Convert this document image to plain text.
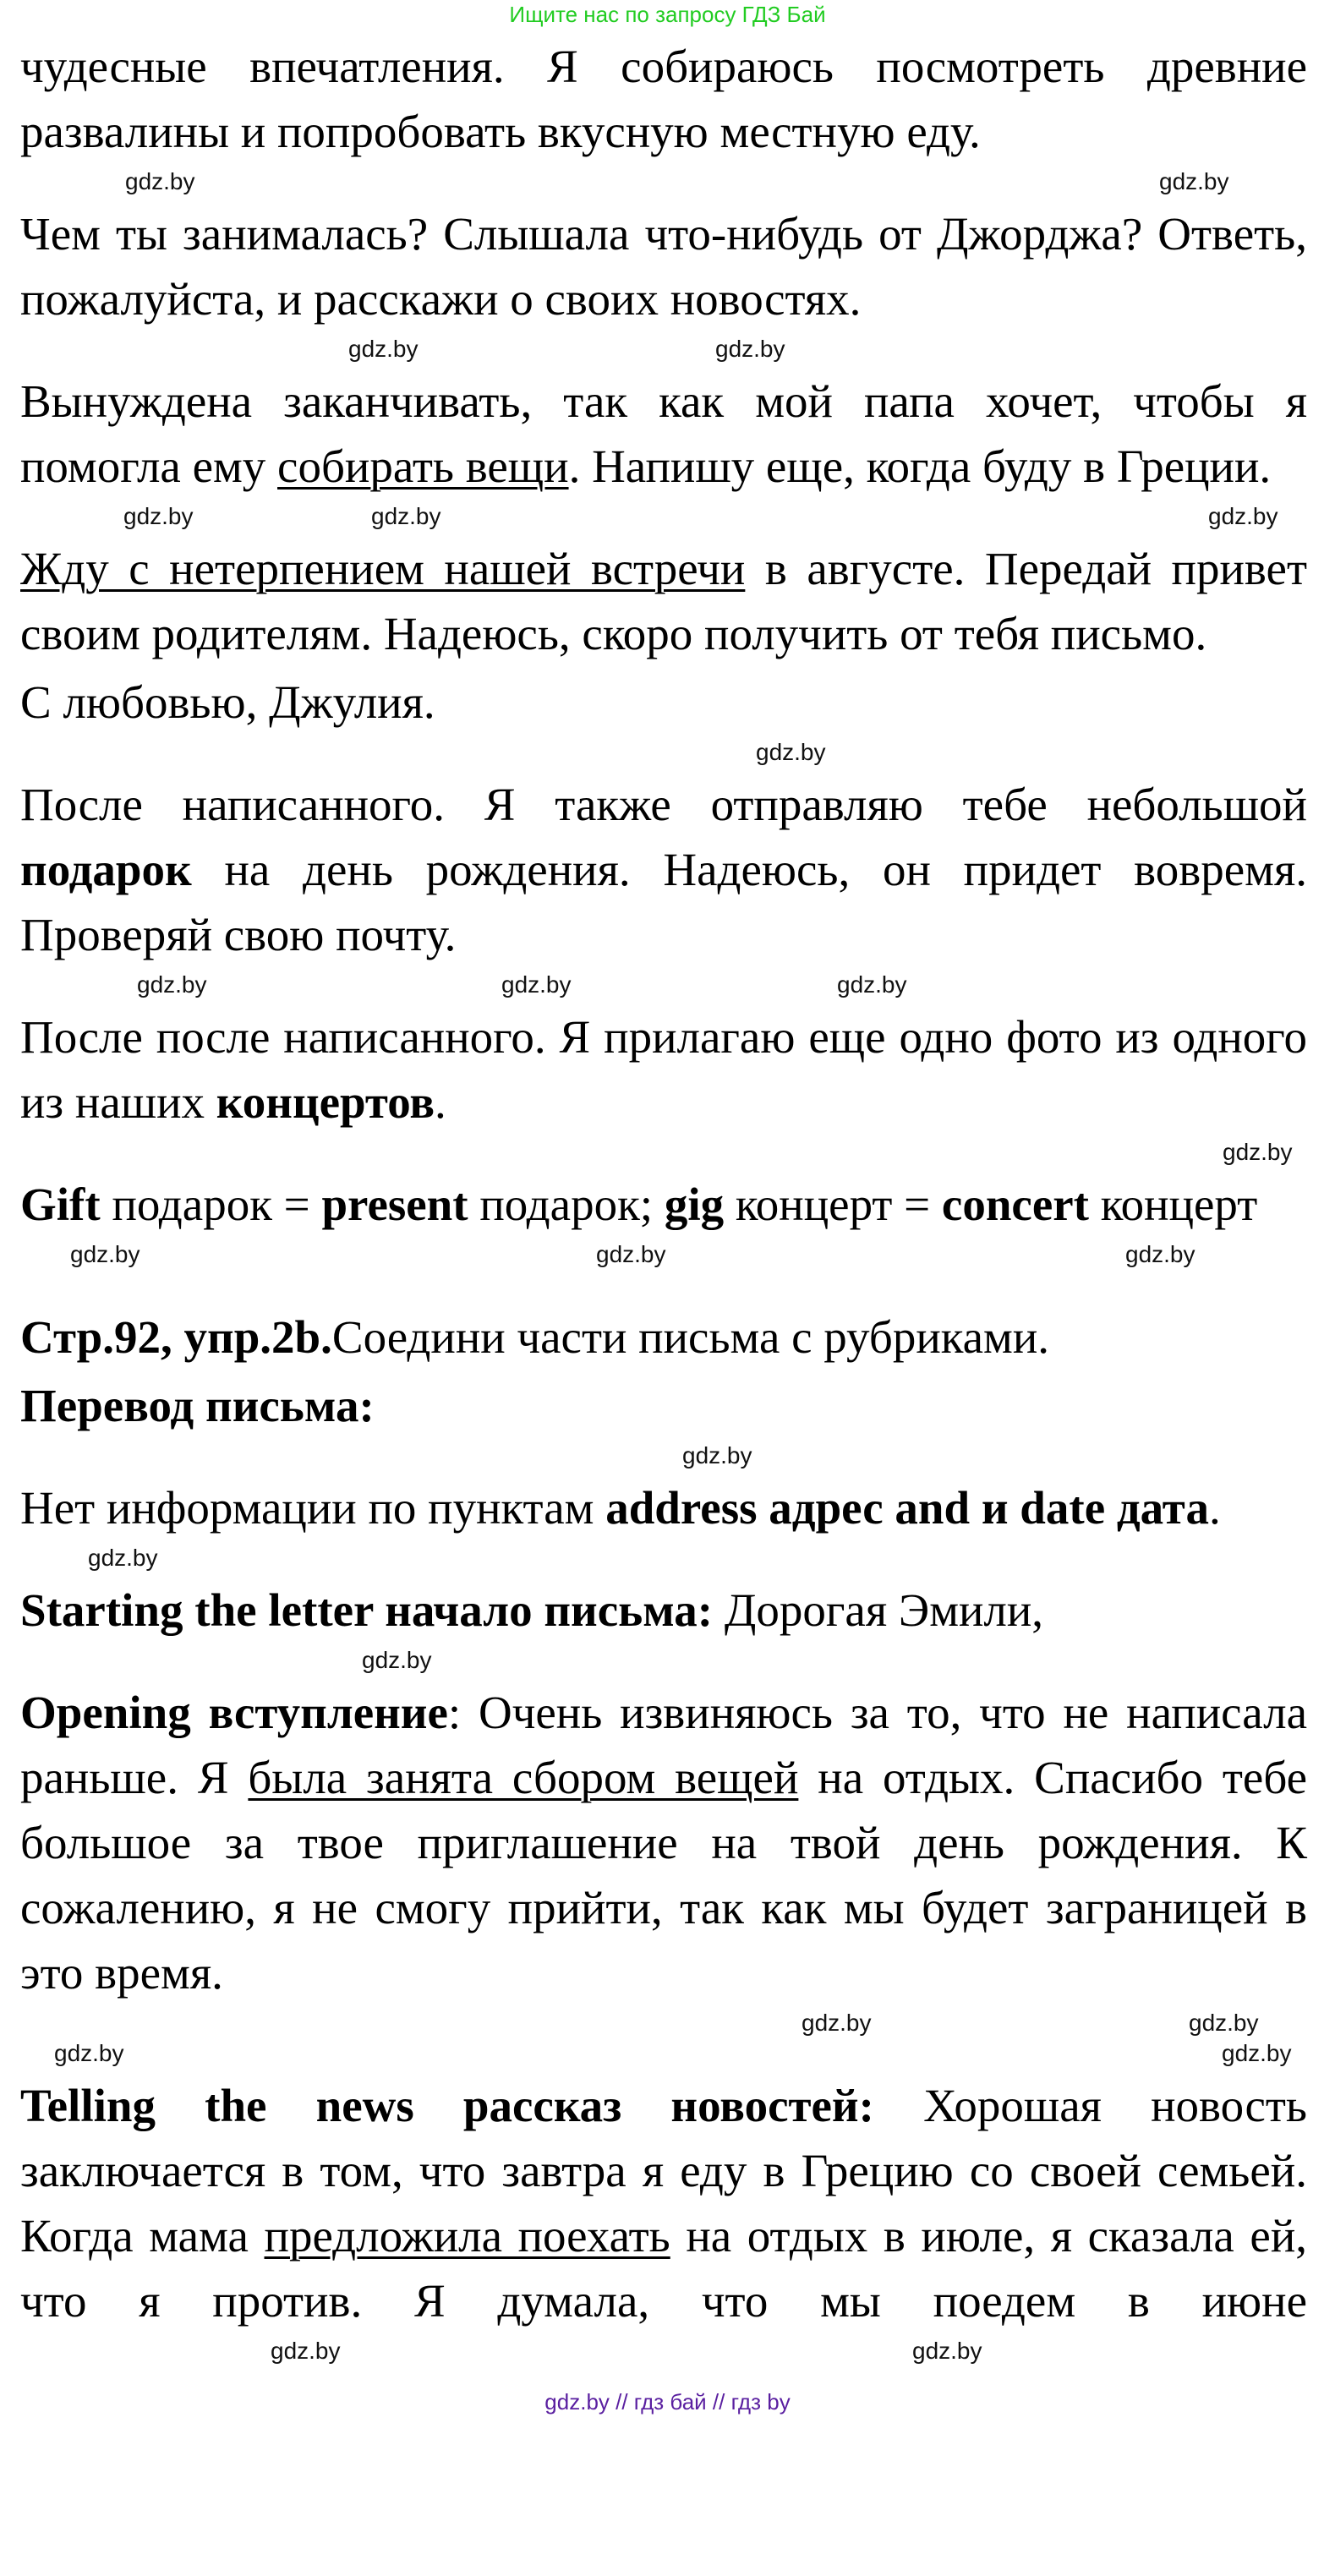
Ищите нас по запросу ГДЗ Бай

чудесные впечатления. Я собираюсь посмотреть древние развалины и попробовать вкусную местную еду.

gdz.by
gdz.by

Чем ты занималась? Слышала что-нибудь от Джорджа? Ответь, пожалуйста, и расскажи о своих новостях.

gdz.by
gdz.by

Вынуждена заканчивать, так как мой папа хочет, чтобы я помогла ему собирать вещи. Напишу еще, когда буду в Греции.

gdz.by
gdz.by
gdz.by

Жду с нетерпением нашей встречи в августе. Передай привет своим родителям. Надеюсь, скоро получить от тебя письмо.

С любовью, Джулия.

gdz.by

После написанного. Я также отправляю тебе небольшой подарок на день рождения. Надеюсь, он придет вовремя. Проверяй свою почту.

gdz.by	gdz.by	gdz.by

После после написанного. Я прилагаю еще одно фото из одного из наших концертов.

gdz.by

Gift подарок = present подарок; gig концерт = concert концерт

gdz.by
gdz.by	gdz.by

Стр.92, упр.2b.Соедини части письма с рубриками.

Перевод письма:

gdz.by

Нет информации по пунктам address адрес and и date дата.

gdz.by

Starting the letter начало письма: Дорогая Эмили,

gdz.by

Opening вступление: Очень извиняюсь за то, что не написала раньше. Я была занята сбором вещей на отдых. Спасибо тебе большое за твое приглашение на твой день рождения. К сожалению, я не смогу прийти, так как мы будет заграницей в это время.

gdz.by
gdz.by
gdz.by
gdz.by

Telling the news рассказ новостей: Хорошая новость заключается в том, что завтра я еду в Грецию со своей семьей. Когда мама предложила поехать на отдых в июле, я сказала ей, что я против. Я думала, что мы поедем в июне

gdz.by	gdz.by
gdz.by // гдз бай // гдз by
